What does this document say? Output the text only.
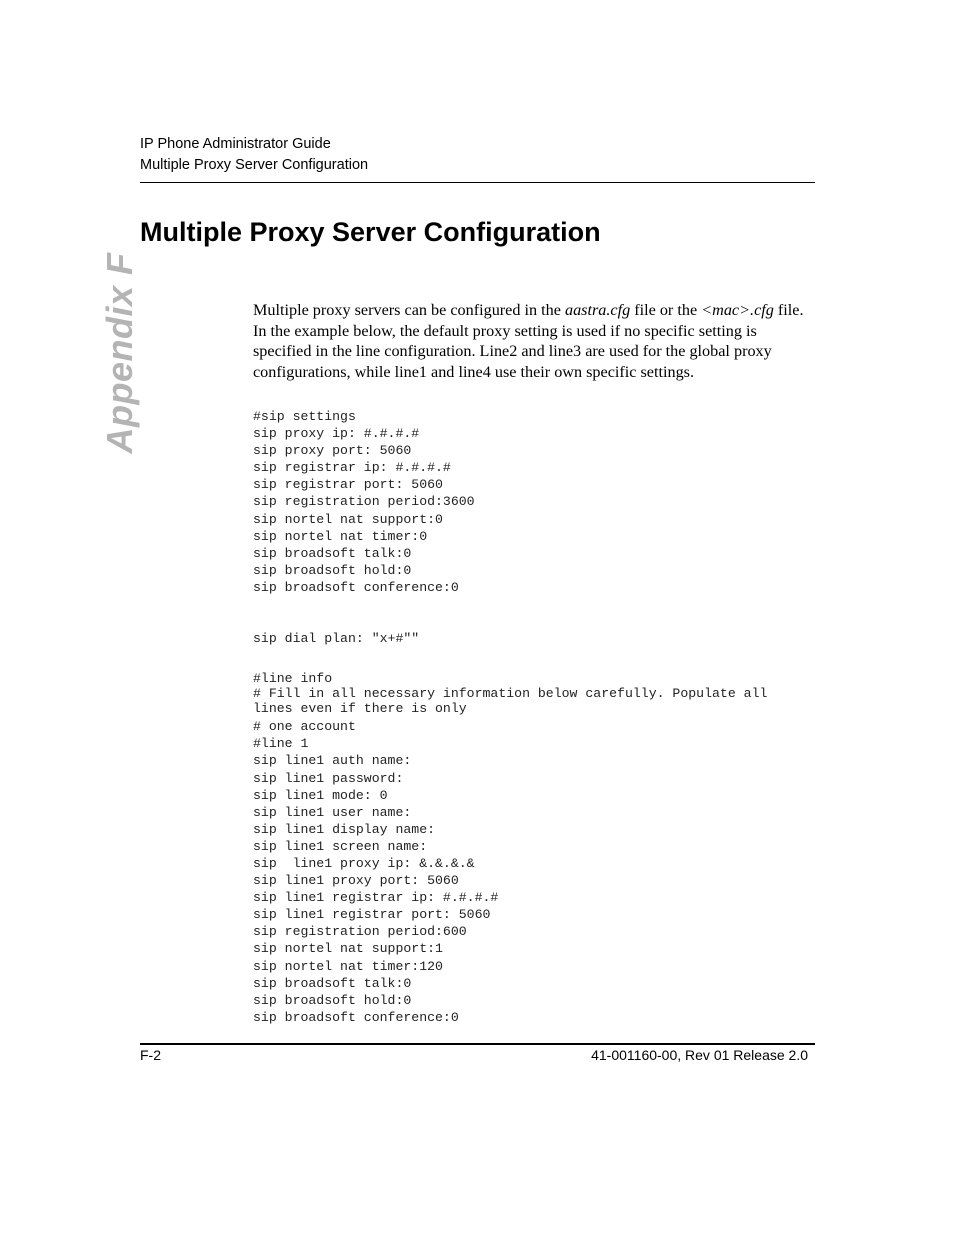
IP Phone Administrator Guide
Multiple Proxy Server Configuration
Appendix F
Multiple Proxy Server Configuration

Multiple proxy servers can be configured in the aastra.cfg file or the <mac>.cfg file. In the example below, the default proxy setting is used if no specific setting is specified in the line configuration. Line2 and line3 are used for the global proxy configurations, while line1 and line4 use their own specific settings.

#sip settings
sip proxy ip: #.#.#.#
sip proxy port: 5060
sip registrar ip: #.#.#.#
sip registrar port: 5060
sip registration period:3600
sip nortel nat support:0
sip nortel nat timer:0
sip broadsoft talk:0
sip broadsoft hold:0
sip broadsoft conference:0
sip dial plan: "x+#""
#line info
# Fill in all necessary information below carefully. Populate all lines even if there is only
# one account
#line 1
sip line1 auth name:
sip line1 password:
sip line1 mode: 0
sip line1 user name:
sip line1 display name:
sip line1 screen name:
sip  line1 proxy ip: &.&.&.&
sip line1 proxy port: 5060
sip line1 registrar ip: #.#.#.#
sip line1 registrar port: 5060
sip registration period:600
sip nortel nat support:1
sip nortel nat timer:120
sip broadsoft talk:0
sip broadsoft hold:0
sip broadsoft conference:0
F-2	41-001160-00, Rev 01 Release 2.0
